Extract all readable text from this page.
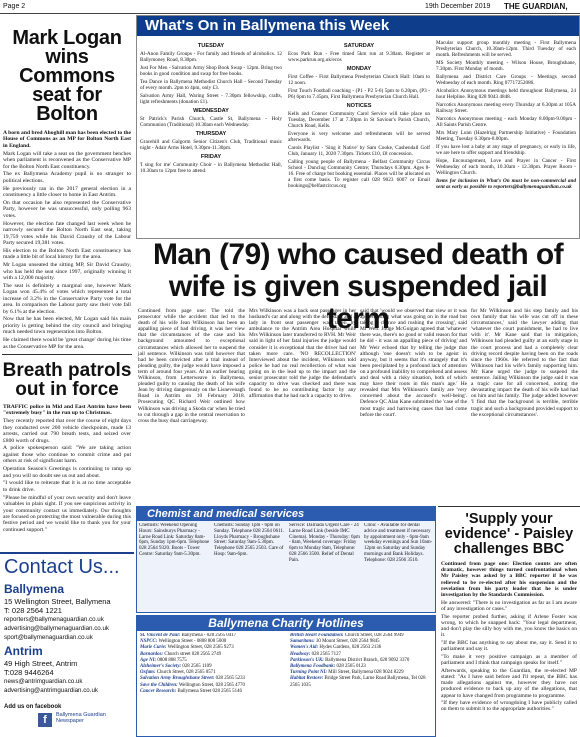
Page 2	19th December 2019 THE GUARDIAN,
Mark Logan wins Commons seat for Bolton

A born and bred Ahoghill man has been elected to the House of Commons as an MP for Bolton North East in England.

Mark Logan will take a seat on the government benches when parliament is reconvened as the Conservative MP for the Bolton North East constituency.

The ex Ballymena Academy pupil is no stranger to political elections.

He previously ran in the 2017 general election in a constituency a little closer to home in East Antrim.

On that occasion he also represented the Conservative Party, however he was unsuccessful, only polling 963 votes.

However, the election fate changed last week when he narrowly secured the Bolton North East seat, taking 19,759 votes while his David Crausby of the Labour Party secured 19,381 votes.

His election to the Bolton North East constituency has made a little bit of local history for the area.

Mr Logan unseated the sitting MP, Sir David Crausby, who has held the seat since 1997, originally winning it with a 12,000 majority.

The seat is definitely a marginal one, however Mark Logan won 45.4% of votes which represented a total increase of 3.2% in the Conservative Party vote for the area. In comparison the Labour party saw their vote fall by 6.1% at the election.

Now that he has been elected, Mr Logan said his main priority is getting behind the city council and bringing much needed town regeneration into Bolton.

He claimed there would be 'great change' during his time as the Conservative MP for the area.

Breath patrols out in force

TRAFFIC police in Mid and East Antrim have been "extremely busy" in the run up to Christmas.

They recently reported that over the course of eight days they conducted over 200 vehicle checkpoints, made 13 arrests, carried out 790 breath tests, and seized over £800 worth of drugs.

A police spokesperson said: "We are taking action against those who continue to commit crime and put others at risk of significant harm.

Operation Season's Greetings is continuing to ramp up and you will no doubt see us out and about.

"I would like to reiterate that it is at no time acceptable to drink drive.

"Please be mindful of your own security and don't leave valuables in plain sight. If you see suspicious activity in your community contact us immediately. Our thoughts are focused on protecting the most vulnerable during this festive period and we would like to thank you for your continued support."

Contact Us...
Ballymena
15 Wellington Street, Ballymena
T: 028 2564 1221
reporters@ballymenaguardian.co.uk
advertising@ballymenaguardian.co.uk
sport@ballymenaguardian.co.uk
Antrim
49 High Street, Antrim
T:028 9446264
news@antrimguardian.co.uk
advertising@antrimguardian.co.uk
Add us on facebook
f	Ballymena Guardian Newspaper
What's On in Ballymena this Week
TUESDAY

Al-Anon Family Groups - For family and friends of alcoholics. 12 Ballymoney Road, 8.30pm.

Just For Men - Salvation Army Shop Book Swap - 12pm. Bring two books in good condition and swap for free books.

Tea Dance in Ballymena Methodist Church Hall - Second Tuesday of every month. 2pm to 4pm, only £3.

Salvation Army Hall, Waring Street - 7.30pm fellowship, crafts, light refreshments (donation £1).

WEDNESDAY

St Patrick's Parish Church, Castle St, Ballymena - Holy Communion (Traditional) 10.30am each Wednesday.

THURSDAY

Gracehill and Galgorm Senior Citizen's Club, Traditional music night - Adair Arms Hotel, 9.30pm-11.30pm.

FRIDAY

'I sing for me' Community Choir - in Ballymena Methodist Hall, 10.30am to 12pm free to attend.

SATURDAY

Ecos Park Run - Free timed 5km run at 9.30am. Register at www.parkrun.org.uk/ecos

MONDAY

First Coffee - First Ballymena Presbyterian Church Hall: 10am to 12 noon.

First Touch Football coaching - (P1 - P2 5-6) 5pm to 6.20pm, (P3 - P6) 6pm to 7.45pm, First Ballymena Presbyterian Church Hall.

NOTICES

Kells and Connor Community Carol Service will take place on Tuesday, December 17 at 7.30pm in St Saviour's Parish Church, Church Road, Kells.

Everyone is very welcome and refreshments will be served afterwards.

Carols Playlist - 'Sing it Native' by Sam Cooke, Cashendall Golf Club, January 11, 2020 7.30pm. Tickets £10, £8 concession.

Calling young people of Ballymena - Belfast Community Circus School - Dunclug Community Centre; Thursdays 6.30pm. Ages 8-16. Free of charge but booking essential. Places will be allocated on a first come basis. To register call 028 9023 6007 or Email bookings@belfastcircus.org

Macular support group monthly meeting - First Ballymena Presbyterian Church, 10.30am-12pm. Third Tuesday of each month. Refreshments will be served.

MS Society Monthly meeting - Wilson House, Broughshane, 7.30pm. First Monday of month.

Ballymena and District Care Groups - Meetings second Wednesday of each month. Ring 07717252086.

Alcoholics Anonymous meetings held throughout Ballymena, 24 hour Helpline. Ring 028 9043 4848.

Narcotics Anonymous meeting every Thursday at 6.30pm at 105A Railway Street.

Narcotics Anonymous meeting - each Monday 8.00pm-9.00pm - All Saints Parish Centre.

Mrs Mary Lunn (Hazelrigg Partnership Initiative) - Foundation Meeting, Tuesday 6.30pm-8.00pm.

If you have lost a baby at any stage of pregnancy, or early in life, we are here to offer support and friendship.

Hope, Encouragement, Love and Prayer in Cancer - First Wednesday of each month, 10.30am - 12.30pm. Prayer Room - Wellington Church.

Items for inclusion in What's On must be non-commercial and sent as early as possible to reporters@ballymenaguardian.co.uk

Man (79) who caused death of wife is given suspended jail term
Continued from page one: The told the prosecutor while the accident that led to the death of his wife Jean Wilkinson has been an appalling piece of bad driving, it was her view that the circumstances of the case and his background amounted to exceptional circumstances which allowed her to suspend the jail sentence. Wilkinson was told however that had he been convicted after a trial instead of pleading guilty, the judge would have imposed a term of around four years. At an earlier hearing Wilkinson, from Letterweave in Ballymena, pleaded guilty to causing the death of his wife Jean by driving dangerously on the Lisnevenagh Road in Antrim on 10 February 2018. Prosecuting QC Richard Weir outlined how Wilkinson was driving a Skoda car when he tried to cut through a gap in the central reservation to cross the busy dual carriageway.
Mrs Wilkinson was a back seat passenger in her husband's car and along with the defendant and a lady in front seat passenger was taken by ambulance to the Antrim Area Hospital while Mrs Wilkinson later transferred to RVH. Mr Weir said in light of her fatal injuries the judge would consider it is exceptional that the driver had not taken more care. 'NO RECOLLECTION' Interviewed about the incident, Wilkinson told police he had no real recollection of what was going on in the lead up to the impact and the senior prosecutor told the judge the defendant's capacity to drive was checked and there was found to be no contributing factor by any affirmation that he had such a capacity to drive.
said that 'would we observed that view or it was apprehending what was going on in the road but taking a chance and rushing the crossing', said Mr Weir. Judge McGuigan agreed that 'whatever there was, there's no good or valid reason for that he did - it was an appalling piece of driving' and Mr Weir echoed that by telling the judge that although 'one doesn't wish to be ageist in anyway, but it seems that it's strangely that it's been precipitated by a profound lack of attention on a profound inability to comprehend and assess and deal with a risky situation, both of which may have their roots in this man's age.' He revealed that Mrs Wilkinson's family are 'very concerned about the accused's well-being'. Defence QC Alan Kane submitted the 'case of the most tragic and harrowing cases that had come before the court'.
for Mr Wilkinson and his step family and his own family that his wife was cut off in these circumstances,' said the lawyer adding that 'whatever the court punishment, he had to live with it'. Mr Kane said that in mitigation, Wilkinson had pleaded guilty at an early stage in the court process and had a completely clear driving record despite having been on the roads since the 1960s. He referred to the fact that Wilkinson had his wife's family supporting him. Mr Kane urged the judge to suspend the sentence. Jailing Wilkinson the judge said it was a tragic case for all concerned, noting the devastating impact the death of his wife had had on him and his family. The judge added however 'I find that the background is terrible, terrible tragic and such a background provided support to the exceptional circumstances'.
Chemist and medical services
Chemists: Weekend Opening Hours: Sainsburys Pharmacy - Larne Road Link: Saturday 8am-6pm, Sunday 1pm-6pm. Telephone 028 2564 9320. Boots - Tower Centre: Saturday 9am-5.30pm.
Chemists: Sunday 1pm - 6pm on Sunday. Telephone 028 2564 0611. Lloyds Pharmacy - Broughshane Street: Saturday 9am-5.30pm. Telephone 028 2565 2503. Care of Hosp: 9am-6pm.
Service: Dalriada Urgent Care - 24 Larne Road Link (beside IMC Cinema). Monday - Thursday: 6pm - 8am, Weekend coverage: Friday 6pm to Monday 8am, Telephone: 028 2566 3500. Relief of Dental Pain.
Clinic - Available for dental advice and treatment if necessary by appointment only - 6pm-9am weekday evenings and Sun 10am-12pm on Saturday and Sunday mornings and Bank Holidays. Telephone: 028 2566 3510.
Ballymena Charity Hotlines
St. Vincent de Paul: Ballymena - 028 2565 0417
NSPCC: Wellington Street - 0808 800 5000
Marie Curie: Wellington Street, 028 2565 9273
Barnardos: Church street 028 2565 2749
Age NI: 0808 808 7575
Alzheimer's Society: 028 2565 1109
Oxfam: Church Street, 028 2565 0571
Salvation Army Broughshane Street: 028 2565 5233
Save the Children: Wellington Street, 028 2565 4770
Cancer Research: Ballymena Street 028 2565 5146
British Heart Foundation: Church Street, 028 2564 9949
Samaritans: 30 Mount Street, 028 2564 9845
Women's Aid: Hydes Gardens, 028 2563 2136
Headway: 028 2565 7127
Parkinson's UK: Ballymena District Branch, 028 9092 3370
Ballymena Foodbank: 028 2565 0123
Turning Point NI: Mill Street, Ballymena 028 9024 8229
Habitat Restore: Bridge Street Park, Larne Road Ballymena, Tel 028 2565 1035
'Supply your evidence' - Paisley challenges BBC

Continued from page one: Election counts are often dramatic, however things turned confrontational when Mr Paisley was asked by a BBC reporter if he was relieved to be re-elected after his suspension and the revelation from his party leader that he is under investigation by the Standards Commission.

He answered: "There is no investigation as far as I am aware of any investigation or cases."

The reporter probed further, asking if Arlene Foster was wrong, to which he snapped back: "Your legal department, and don't play the silly boy with me, you know the basics on it.

"If the BBC has anything to say about me, say it. Send it to parliament and say it.

"To make it very positive campaign as a member of parliament and I think that campaign speaks for itself."

Afterwards, speaking to the Guardian, the re-elected MP stated: "As I have said before and I'll repeat, the BBC has made allegations against me, however they have not produced evidence to back up any of the allegations, that appear to have changed from programme to programme.

"If they have evidence of wrongdoing I have publicly called on them to submit it to the appropriate authorities."
